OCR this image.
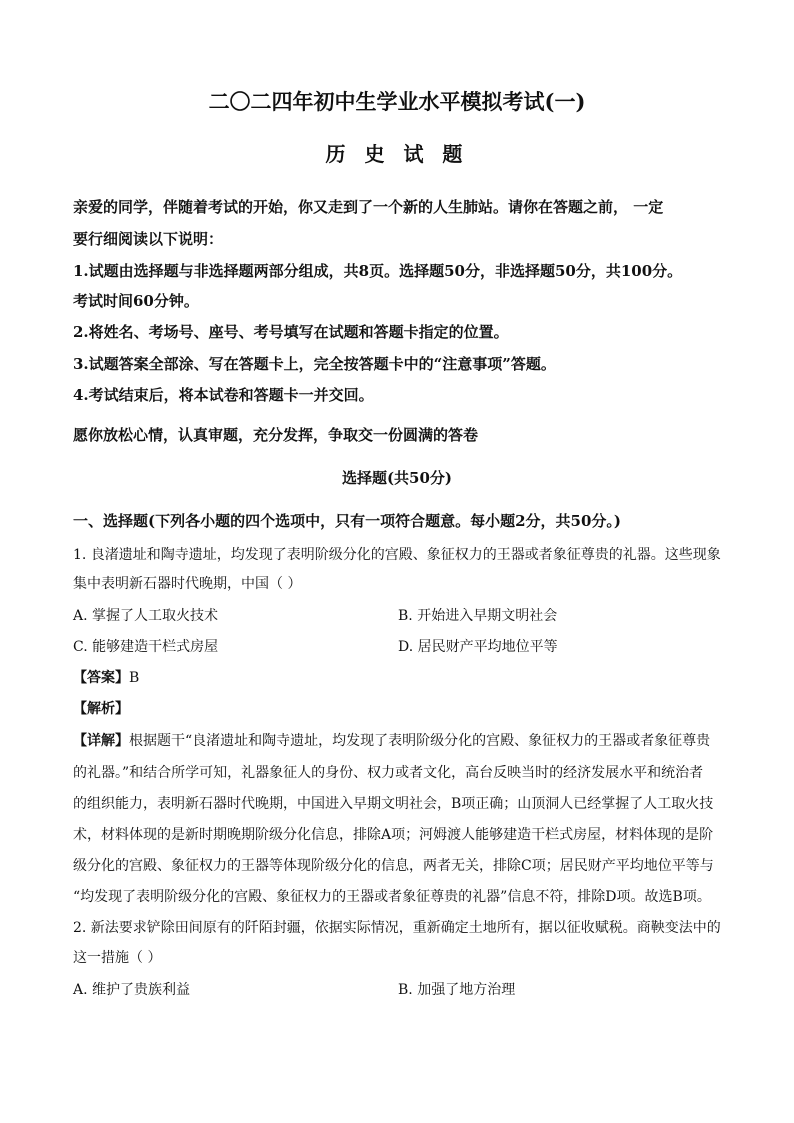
二〇二四年初中生学业水平模拟考试(一)
历 史 试 题
亲爱的同学，伴随着考试的开始，你又走到了一个新的人生肺站。请你在答题之前， 一定
要行细阅读以下说明：
1.试题由选择题与非选择题两部分组成，共8页。选择题50分，非选择题50分，共100分。
考试时间60分钟。
2.将姓名、考场号、座号、考号填写在试题和答题卡指定的位置。
3.试题答案全部涂、写在答题卡上，完全按答题卡中的“注意事项”答题。
4.考试结束后，将本试卷和答题卡一并交回。
愿你放松心情，认真审题，充分发挥，争取交一份圆满的答卷
选择题(共50分)
一、选择题(下列各小题的四个选项中，只有一项符合题意。每小题2分，共50分。)
1. 良渚遗址和陶寺遗址，均发现了表明阶级分化的宫殿、象征权力的王器或者象征尊贵的礼器。这些现象
集中表明新石器时代晚期，中国（ ）
A. 掌握了人工取火技术	B. 开始进入早期文明社会
C. 能够建造干栏式房屋	D. 居民财产平均地位平等
【答案】B
【解析】
【详解】根据题干“良渚遗址和陶寺遗址，均发现了表明阶级分化的宫殿、象征权力的王器或者象征尊贵
的礼器。”和结合所学可知，礼器象征人的身份、权力或者文化，高台反映当时的经济发展水平和统治者
的组织能力，表明新石器时代晚期，中国进入早期文明社会，B项正确；山顶洞人已经掌握了人工取火技
术，材料体现的是新时期晚期阶级分化信息，排除A项；河姆渡人能够建造干栏式房屋，材料体现的是阶
级分化的宫殿、象征权力的王器等体现阶级分化的信息，两者无关，排除C项；居民财产平均地位平等与
“均发现了表明阶级分化的宫殿、象征权力的王器或者象征尊贵的礼器”信息不符，排除D项。故选B项。
2. 新法要求铲除田间原有的阡陌封疆，依据实际情况，重新确定土地所有，据以征收赋税。商鞅变法中的
这一措施（ ）
A. 维护了贵族利益	B. 加强了地方治理
